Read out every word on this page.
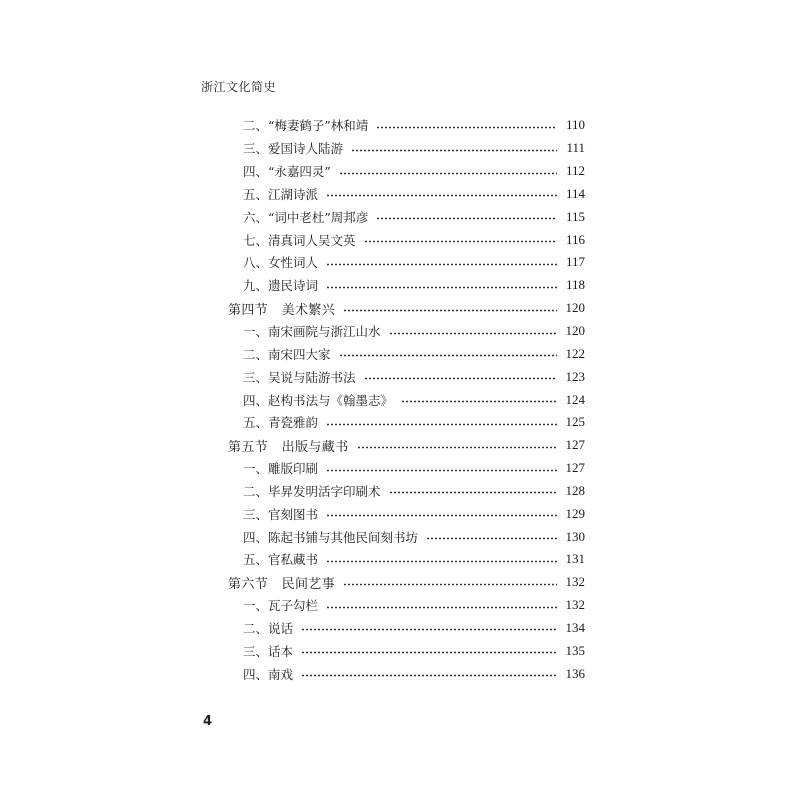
浙江文化简史
二、“梅妻鹤子”林和靖	110
三、爱国诗人陆游	111
四、“永嘉四灵”	112
五、江湖诗派	114
六、“词中老杜”周邦彦	115
七、清真词人吴文英	116
八、女性词人	117
九、遗民诗词	118
第四节　美术繁兴	120
一、南宋画院与浙江山水	120
二、南宋四大家	122
三、吴说与陆游书法	123
四、赵构书法与《翰墨志》	124
五、青瓷雅韵	125
第五节　出版与藏书	127
一、雕版印刷	127
二、毕昇发明活字印刷术	128
三、官刻图书	129
四、陈起书铺与其他民间刻书坊	130
五、官私藏书	131
第六节　民间艺事	132
一、瓦子勾栏	132
二、说话	134
三、话本	135
四、南戏	136
4
